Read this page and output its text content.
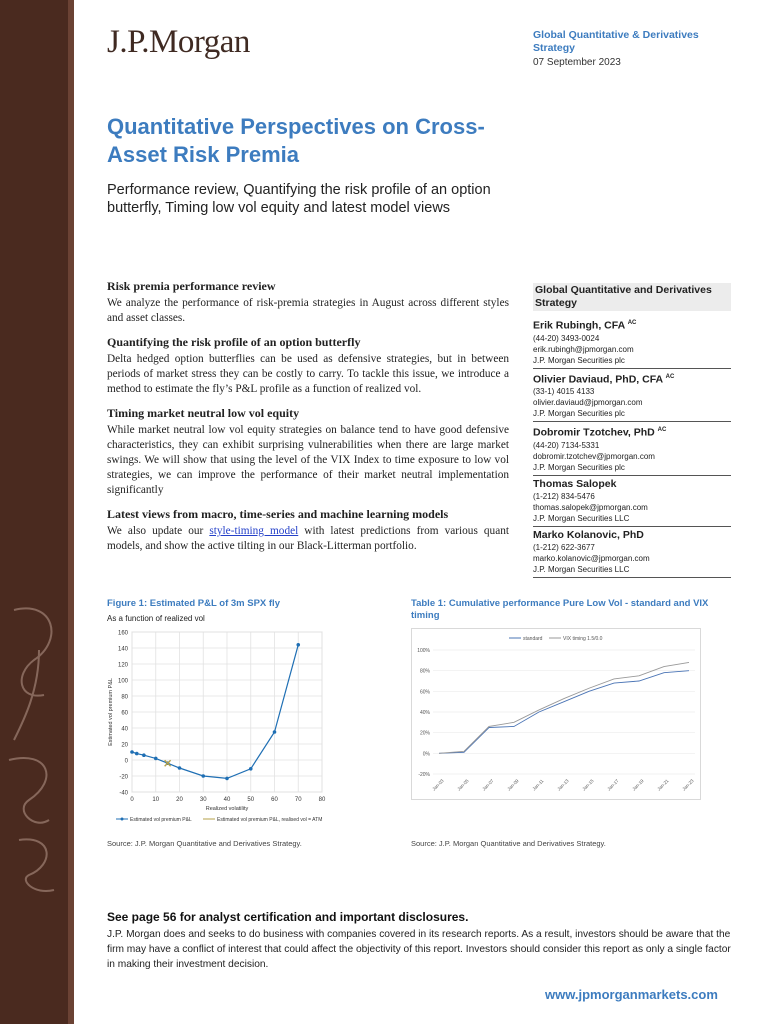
J.P.Morgan	Global Quantitative & Derivatives Strategy
07 September 2023
Quantitative Perspectives on Cross-Asset Risk Premia
Performance review, Quantifying the risk profile of an option butterfly, Timing low vol equity and latest model views
Risk premia performance review

We analyze the performance of risk-premia strategies in August across different styles and asset classes.

Quantifying the risk profile of an option butterfly

Delta hedged option butterflies can be used as defensive strategies, but in between periods of market stress they can be costly to carry. To tackle this issue, we introduce a method to estimate the fly’s P&L profile as a function of realized vol.

Timing market neutral low vol equity

While market neutral low vol equity strategies on balance tend to have good defensive characteristics, they can exhibit surprising vulnerabilities when there are large market swings. We will show that using the level of the VIX Index to time exposure to low vol strategies, we can improve the performance of their market neutral implementation significantly

Latest views from macro, time-series and machine learning models

We also update our style-timing model with latest predictions from various quant models, and show the active tilting in our Black-Litterman portfolio.

Global Quantitative and Derivatives Strategy
Erik Rubingh, CFA $^{AC}$
(44-20) 3493-0024
erik.rubingh@jpmorgan.com
J.P. Morgan Securities plc
Olivier Daviaud, PhD, CFA $^{AC}$
(33-1) 4015 4133
olivier.daviaud@jpmorgan.com
J.P. Morgan Securities plc
Dobromir Tzotchev, PhD $^{AC}$
(44-20) 7134-5331
dobromir.tzotchev@jpmorgan.com
J.P. Morgan Securities plc
Thomas Salopek
(1-212) 834-5476
thomas.salopek@jpmorgan.com
J.P. Morgan Securities LLC
Marko Kolanovic, PhD
(1-212) 622-3677
marko.kolanovic@jpmorgan.com
J.P. Morgan Securities LLC
Figure 1: Estimated P&L of 3m SPX fly
As a function of realized vol
-40
-20
0
20
40
60
80
100
120
140
160
0	10	20	30	40	50	60	70	80
Realized volatility
Estimated vol premium P&L
Estimated vol premium P&L	Estimated vol premium P&L, realised vol = ATM
Source: J.P. Morgan Quantitative and Derivatives Strategy.
Table 1: Cumulative performance Pure Low Vol - standard and VIX timing
-20%
0%
20%
40%
60%
80%
100%
Jan-03	Jan-05	Jan-07	Jan-09	Jan-11	Jan-13	Jan-15	Jan-17	Jan-19	Jan-21	Jan-23
standard	VIX timing 1.5/0.0
Source: J.P. Morgan Quantitative and Derivatives Strategy.
See page 56 for analyst certification and important disclosures.
J.P. Morgan does and seeks to do business with companies covered in its research reports. As a result, investors should be aware that the firm may have a conflict of interest that could affect the objectivity of this report. Investors should consider this report as only a single factor in making their investment decision.
www.jpmorganmarkets.com
